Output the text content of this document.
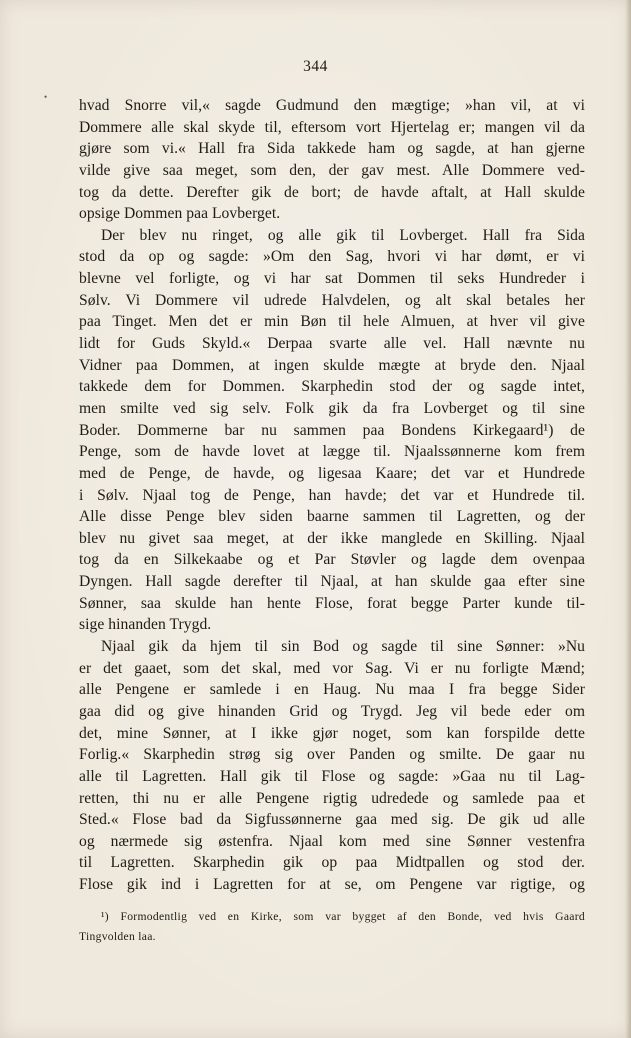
344
• hvad Snorre vil,« sagde Gudmund den mægtige; »han vil, at vi
Dommere alle skal skyde til, eftersom vort Hjertelag er; mangen vil da
gjøre som vi.« Hall fra Sida takkede ham og sagde, at han gjerne
vilde give saa meget, som den, der gav mest. Alle Dommere ved-
tog da dette. Derefter gik de bort; de havde aftalt, at Hall skulde
opsige Dommen paa Lovberget.
Der blev nu ringet, og alle gik til Lovberget. Hall fra Sida
stod da op og sagde: »Om den Sag, hvori vi har dømt, er vi
blevne vel forligte, og vi har sat Dommen til seks Hundreder i
Sølv. Vi Dommere vil udrede Halvdelen, og alt skal betales her
paa Tinget. Men det er min Bøn til hele Almuen, at hver vil give
lidt for Guds Skyld.« Derpaa svarte alle vel. Hall nævnte nu
Vidner paa Dommen, at ingen skulde mægte at bryde den. Njaal
takkede dem for Dommen. Skarphedin stod der og sagde intet,
men smilte ved sig selv. Folk gik da fra Lovberget og til sine
Boder. Dommerne bar nu sammen paa Bondens Kirkegaard¹) de
Penge, som de havde lovet at lægge til. Njaalssønnerne kom frem
med de Penge, de havde, og ligesaa Kaare; det var et Hundrede
i Sølv. Njaal tog de Penge, han havde; det var et Hundrede til.
Alle disse Penge blev siden baarne sammen til Lagretten, og der
blev nu givet saa meget, at der ikke manglede en Skilling. Njaal
tog da en Silkekaabe og et Par Støvler og lagde dem ovenpaa
Dyngen. Hall sagde derefter til Njaal, at han skulde gaa efter sine
Sønner, saa skulde han hente Flose, forat begge Parter kunde til-
sige hinanden Trygd.
Njaal gik da hjem til sin Bod og sagde til sine Sønner: »Nu
er det gaaet, som det skal, med vor Sag. Vi er nu forligte Mænd;
alle Pengene er samlede i en Haug. Nu maa I fra begge Sider
gaa did og give hinanden Grid og Trygd. Jeg vil bede eder om
det, mine Sønner, at I ikke gjør noget, som kan forspilde dette
Forlig.« Skarphedin strøg sig over Panden og smilte. De gaar nu
alle til Lagretten. Hall gik til Flose og sagde: »Gaa nu til Lag-
retten, thi nu er alle Pengene rigtig udredede og samlede paa et
Sted.« Flose bad da Sigfussønnerne gaa med sig. De gik ud alle
og nærmede sig østenfra. Njaal kom med sine Sønner vestenfra
til Lagretten. Skarphedin gik op paa Midtpallen og stod der.
Flose gik ind i Lagretten for at se, om Pengene var rigtige, og
¹) Formodentlig ved en Kirke, som var bygget af den Bonde, ved hvis Gaard
Tingvolden laa.
